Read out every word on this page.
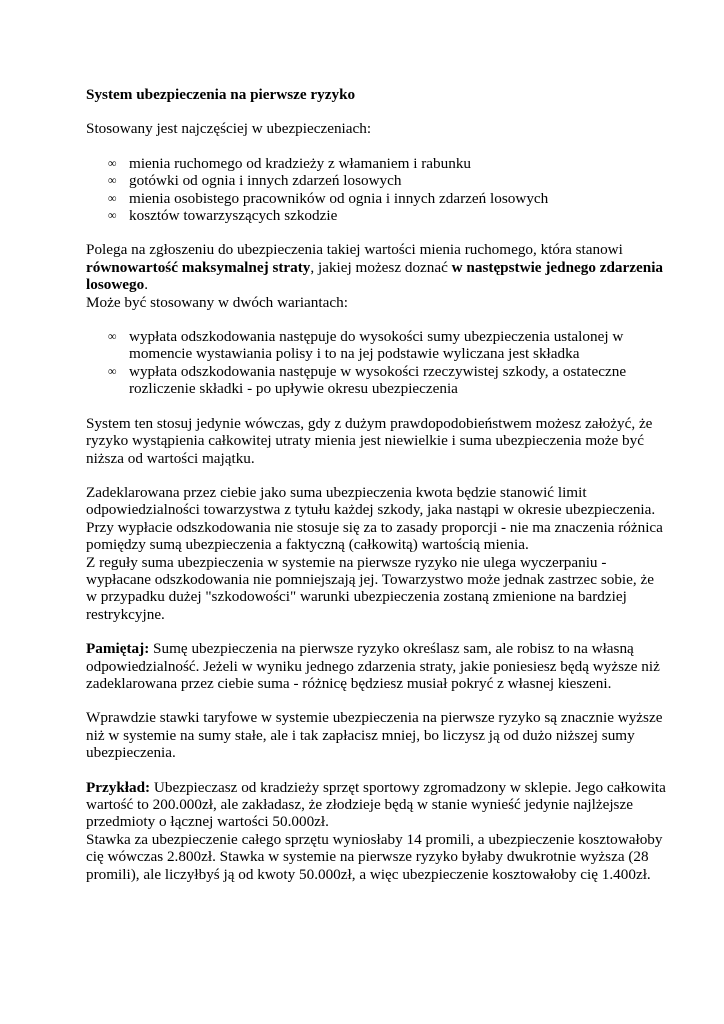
System ubezpieczenia na pierwsze ryzyko

Stosowany jest najczęściej w ubezpieczeniach:

∞ mienia ruchomego od kradzieży z włamaniem i rabunku
∞ gotówki od ognia i innych zdarzeń losowych
∞ mienia osobistego pracowników od ognia i innych zdarzeń losowych
∞ kosztów towarzyszących szkodzie

Polega na zgłoszeniu do ubezpieczenia takiej wartości mienia ruchomego, która stanowi równowartość maksymalnej straty, jakiej możesz doznać w następstwie jednego zdarzenia losowego.

Może być stosowany w dwóch wariantach:

∞ wypłata odszkodowania następuje do wysokości sumy ubezpieczenia ustalonej w momencie wystawiania polisy i to na jej podstawie wyliczana jest składka
∞ wypłata odszkodowania następuje w wysokości rzeczywistej szkody, a ostateczne rozliczenie składki - po upływie okresu ubezpieczenia

System ten stosuj jedynie wówczas, gdy z dużym prawdopodobieństwem możesz założyć, że ryzyko wystąpienia całkowitej utraty mienia jest niewielkie i suma ubezpieczenia może być niższa od wartości majątku.

Zadeklarowana przez ciebie jako suma ubezpieczenia kwota będzie stanowić limit odpowiedzialności towarzystwa z tytułu każdej szkody, jaka nastąpi w okresie ubezpieczenia. Przy wypłacie odszkodowania nie stosuje się za to zasady proporcji - nie ma znaczenia różnica pomiędzy sumą ubezpieczenia a faktyczną (całkowitą) wartością mienia.

Z reguły suma ubezpieczenia w systemie na pierwsze ryzyko nie ulega wyczerpaniu - wypłacane odszkodowania nie pomniejszają jej. Towarzystwo może jednak zastrzec sobie, że w przypadku dużej "szkodowości" warunki ubezpieczenia zostaną zmienione na bardziej restrykcyjne.

Pamiętaj: Sumę ubezpieczenia na pierwsze ryzyko określasz sam, ale robisz to na własną odpowiedzialność. Jeżeli w wyniku jednego zdarzenia straty, jakie poniesiesz będą wyższe niż zadeklarowana przez ciebie suma - różnicę będziesz musiał pokryć z własnej kieszeni.

Wprawdzie stawki taryfowe w systemie ubezpieczenia na pierwsze ryzyko są znacznie wyższe niż w systemie na sumy stałe, ale i tak zapłacisz mniej, bo liczysz ją od dużo niższej sumy ubezpieczenia.

Przykład: Ubezpieczasz od kradzieży sprzęt sportowy zgromadzony w sklepie. Jego całkowita wartość to 200.000zł, ale zakładasz, że złodzieje będą w stanie wynieść jedynie najlżejsze przedmioty o łącznej wartości 50.000zł.

Stawka za ubezpieczenie całego sprzętu wyniosłaby 14 promili, a ubezpieczenie kosztowałoby cię wówczas 2.800zł. Stawka w systemie na pierwsze ryzyko byłaby dwukrotnie wyższa (28 promili), ale liczyłbyś ją od kwoty 50.000zł, a więc ubezpieczenie kosztowałoby cię 1.400zł.
